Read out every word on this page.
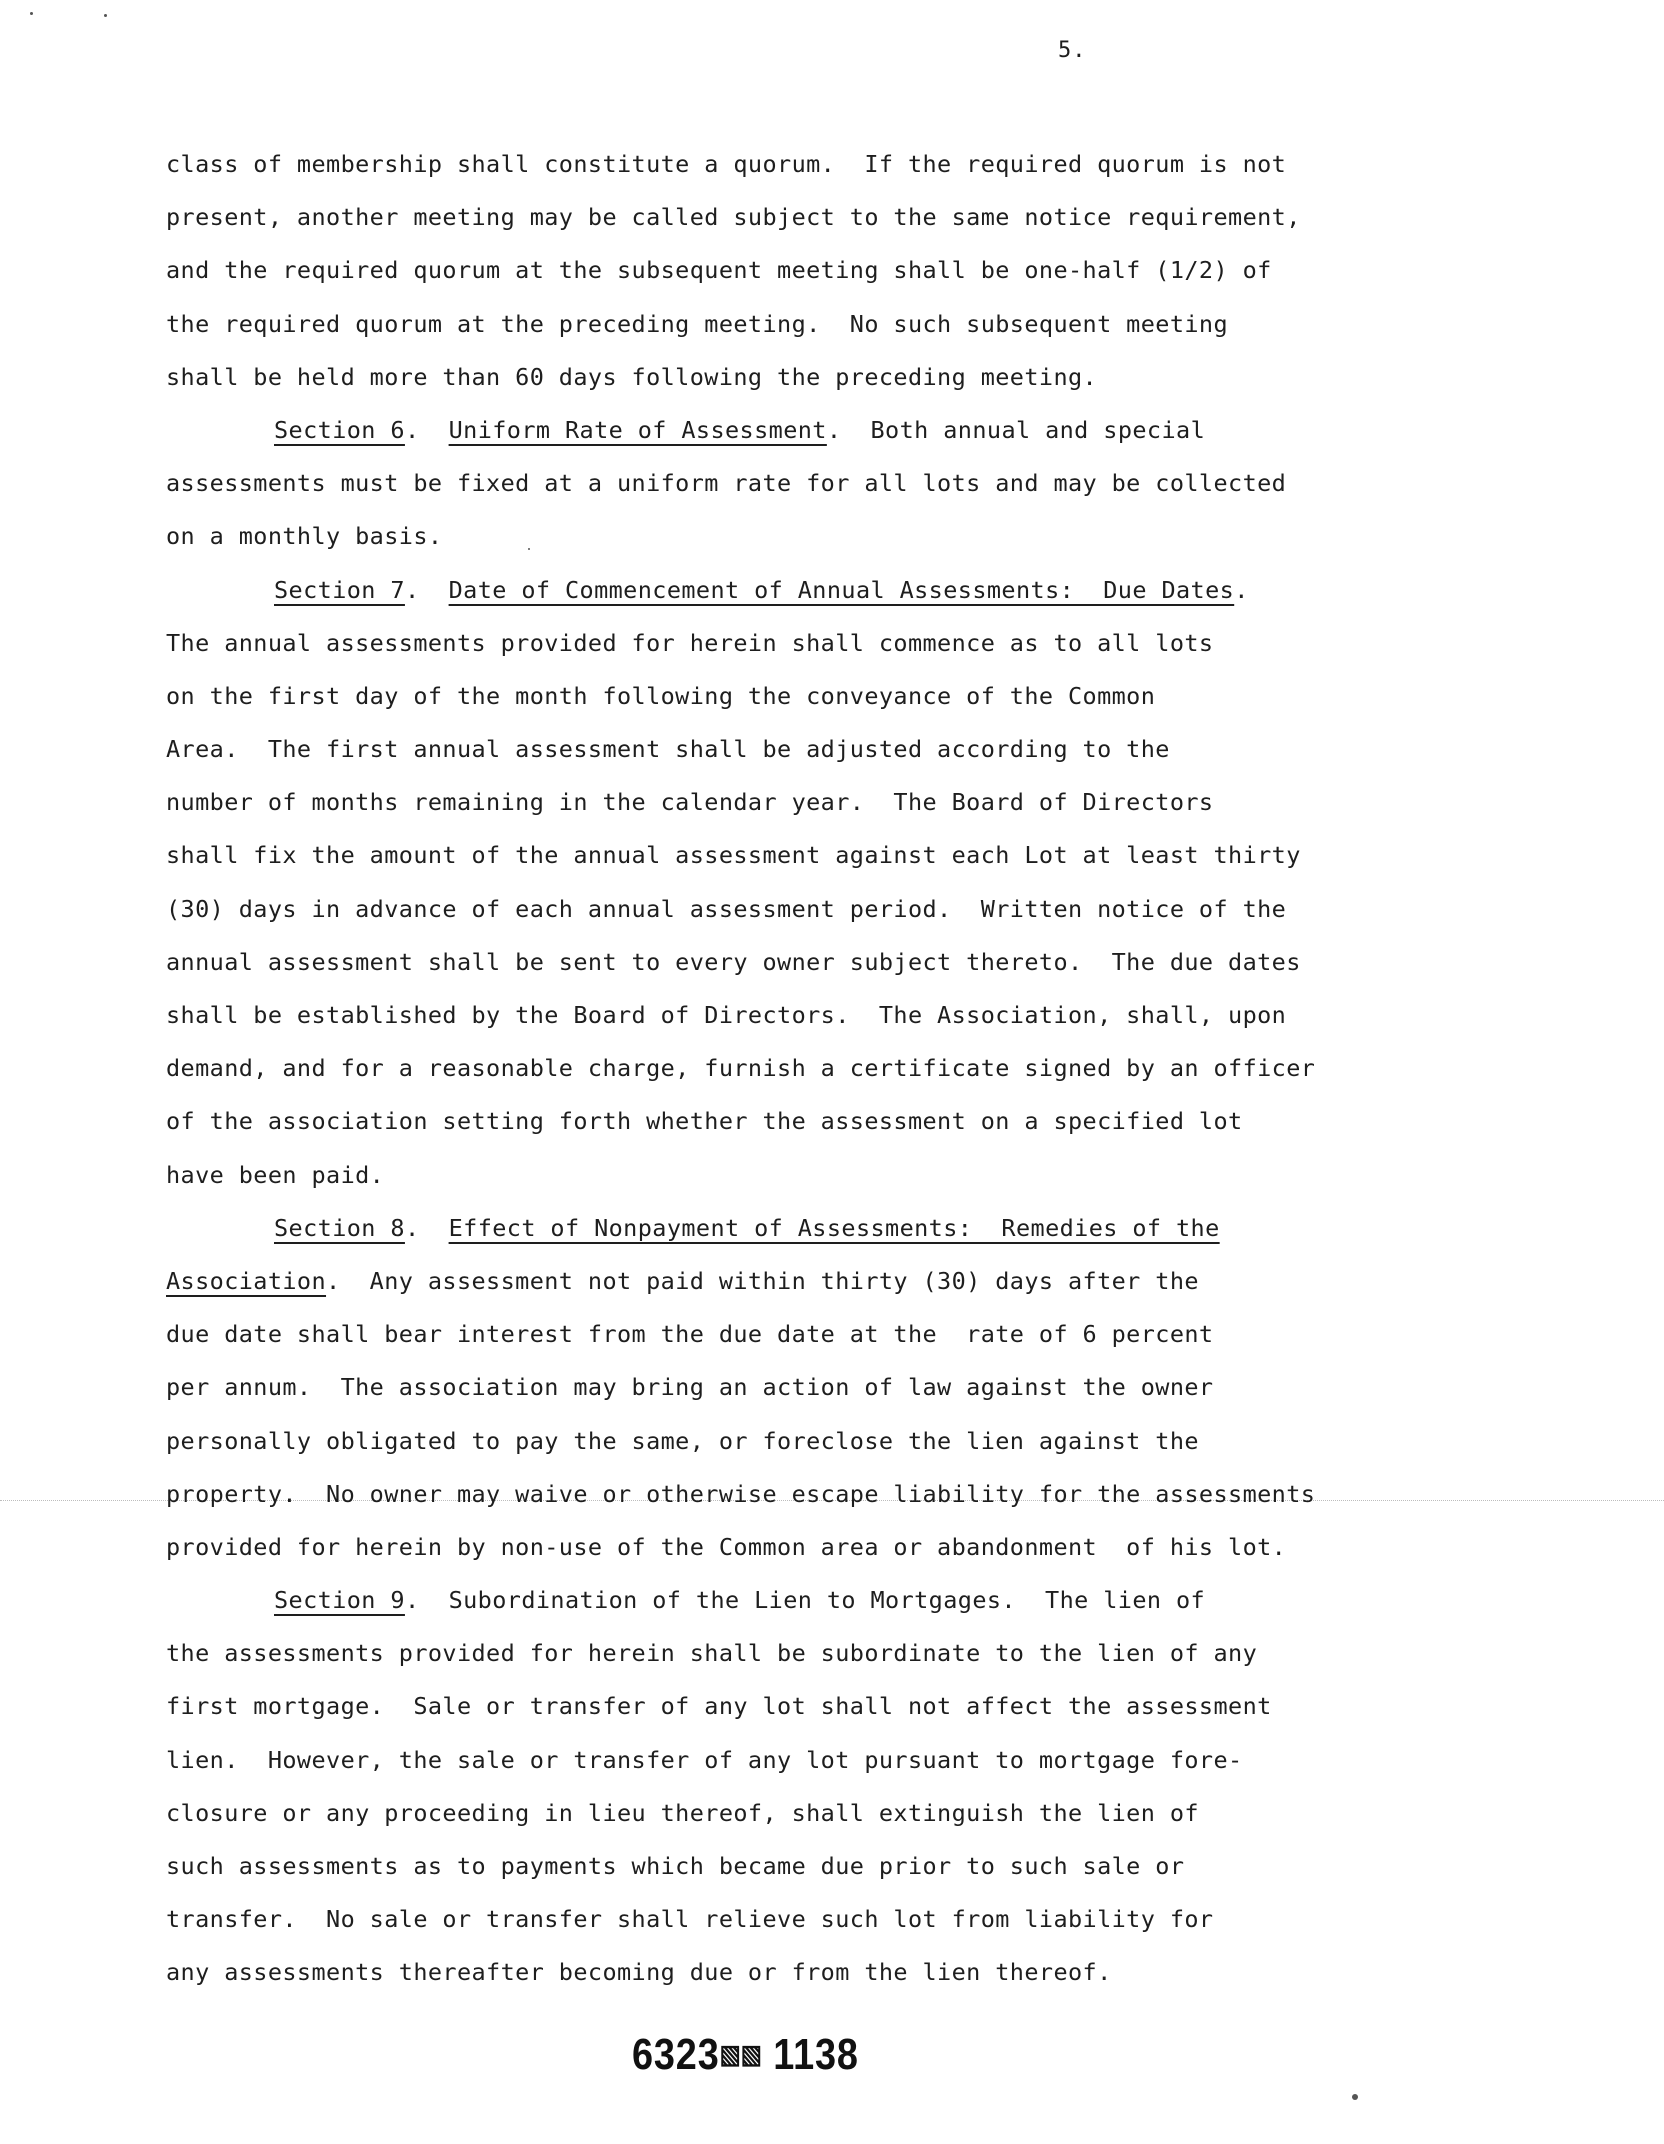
5.
class of membership shall constitute a quorum.  If the required quorum is not
present, another meeting may be called subject to the same notice requirement,
and the required quorum at the subsequent meeting shall be one-half (1/2) of
the required quorum at the preceding meeting.  No such subsequent meeting
shall be held more than 60 days following the preceding meeting.
Section 6.  Uniform Rate of Assessment.  Both annual and special
assessments must be fixed at a uniform rate for all lots and may be collected
on a monthly basis.
Section 7.  Date of Commencement of Annual Assessments:  Due Dates.
The annual assessments provided for herein shall commence as to all lots
on the first day of the month following the conveyance of the Common
Area.  The first annual assessment shall be adjusted according to the
number of months remaining in the calendar year.  The Board of Directors
shall fix the amount of the annual assessment against each Lot at least thirty
(30) days in advance of each annual assessment period.  Written notice of the
annual assessment shall be sent to every owner subject thereto.  The due dates
shall be established by the Board of Directors.  The Association, shall, upon
demand, and for a reasonable charge, furnish a certificate signed by an officer
of the association setting forth whether the assessment on a specified lot
have been paid.
Section 8.  Effect of Nonpayment of Assessments:  Remedies of the
Association.  Any assessment not paid within thirty (30) days after the
due date shall bear interest from the due date at the  rate of 6 percent
per annum.  The association may bring an action of law against the owner
personally obligated to pay the same, or foreclose the lien against the
property.  No owner may waive or otherwise escape liability for the assessments
provided for herein by non-use of the Common area or abandonment  of his lot.
Section 9.  Subordination of the Lien to Mortgages.  The lien of
the assessments provided for herein shall be subordinate to the lien of any
first mortgage.  Sale or transfer of any lot shall not affect the assessment
lien.  However, the sale or transfer of any lot pursuant to mortgage fore-
closure or any proceeding in lieu thereof, shall extinguish the lien of
such assessments as to payments which became due prior to such sale or
transfer.  No sale or transfer shall relieve such lot from liability for
any assessments thereafter becoming due or from the lien thereof.
6323▧▧ 1138
